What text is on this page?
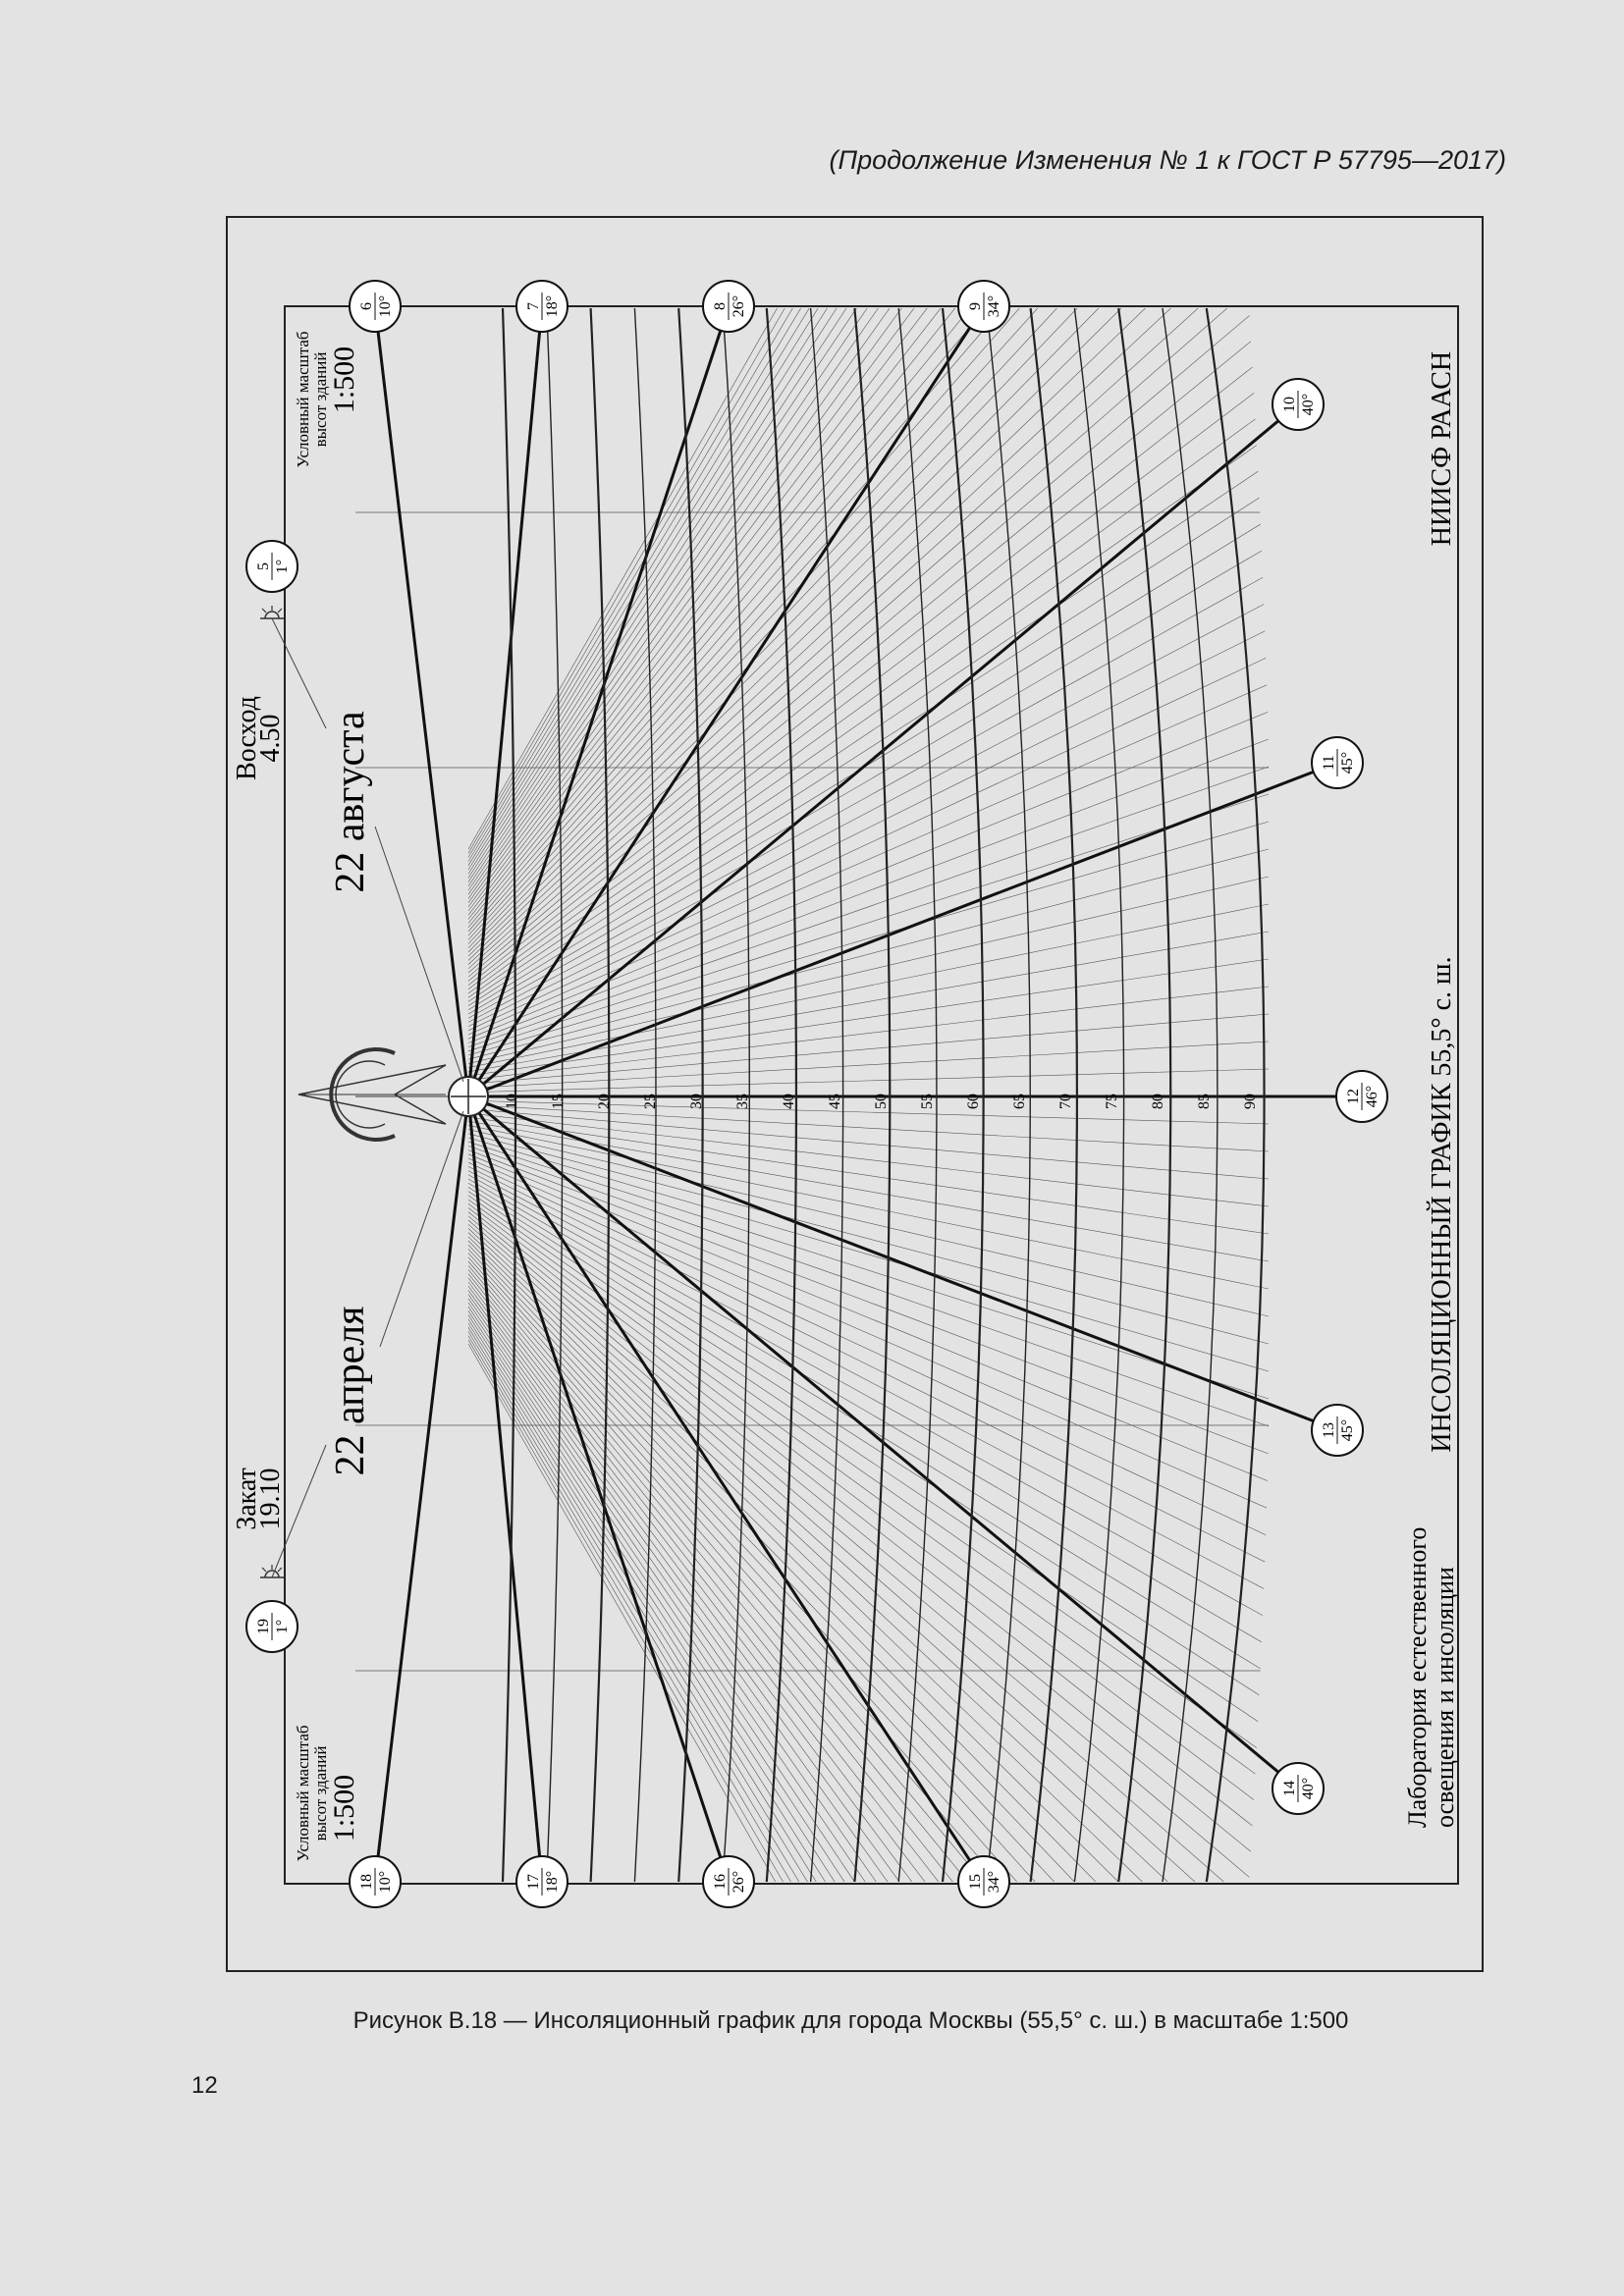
(Продолжение Изменения № 1 к ГОСТ Р 57795—2017)
10 15 20 25 30 35 40 45 50 55 60 65 70 75 80 85 90
5 1°
6 10°	7 18°	8 26°	9 34°
10 40°
11 45°
12 46°
13 45°
14 40°
15 34°
16 26°
17 18°
18 10°
19 1°
Восход
4.50
Закат
19.10
22 августа
22 апреля
Условный масштаб высот зданий
1:500
Условный масштаб высот зданий
1:500
ИНСОЛЯЦИОННЫЙ ГРАФИК 55,5° с. ш.
НИИСФ РААСН
Лаборатория естественного освещения и инсоляции
Рисунок В.18 — Инсоляционный график для города Москвы (55,5° с. ш.) в масштабе 1:500
12
